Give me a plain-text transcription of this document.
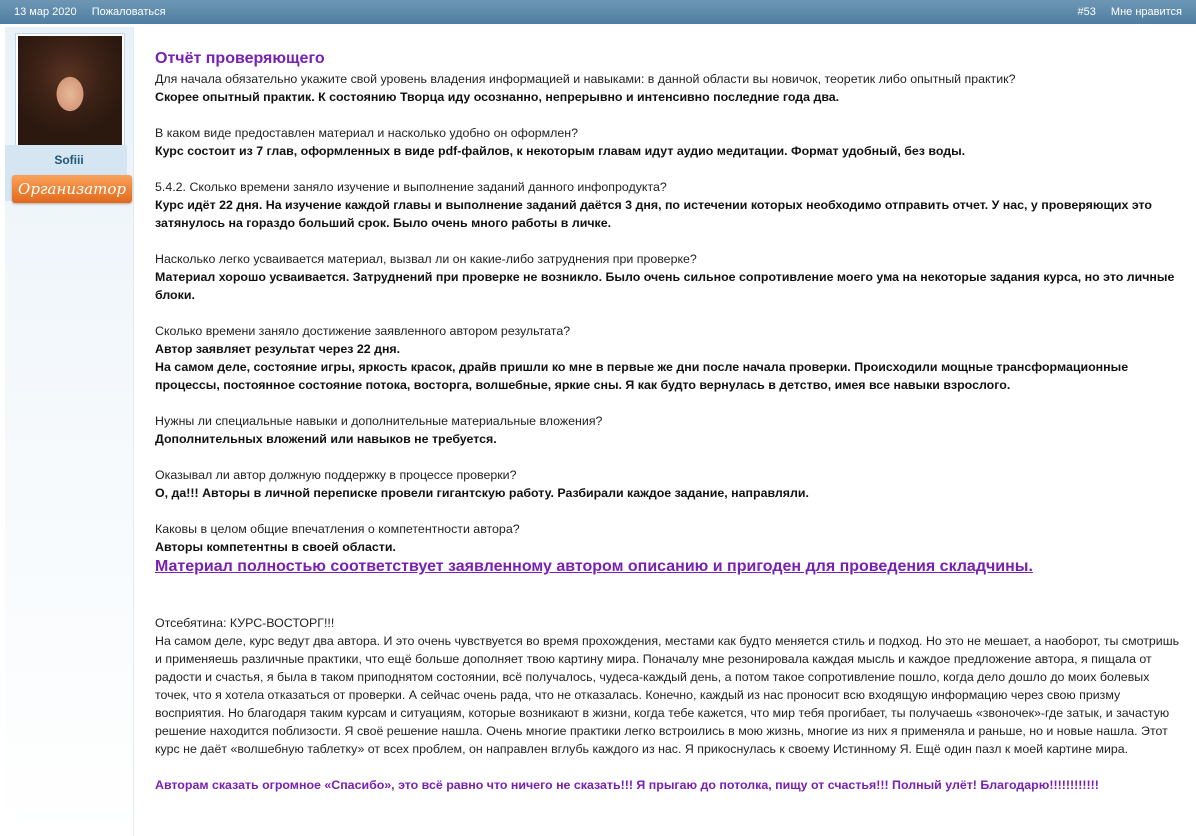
13 мар 2020 Пожаловаться	#53 Мне нравится
Sofiii
Организатор

Отчёт проверяющего

Для начала обязательно укажите свой уровень владения информацией и навыками: в данной области вы новичок, теоретик либо опытный практик?

Скорее опытный практик. К состоянию Творца иду осознанно, непрерывно и интенсивно последние года два.

В каком виде предоставлен материал и насколько удобно он оформлен?

Курс состоит из 7 глав, оформленных в виде pdf-файлов, к некоторым главам идут аудио медитации. Формат удобный, без воды.

5.4.2. Сколько времени заняло изучение и выполнение заданий данного инфопродукта?

Курс идёт 22 дня. На изучение каждой главы и выполнение заданий даётся 3 дня, по истечении которых необходимо отправить отчет. У нас, у проверяющих это затянулось на гораздо больший срок. Было очень много работы в личке.

Насколько легко усваивается материал, вызвал ли он какие-либо затруднения при проверке?

Материал хорошо усваивается. Затруднений при проверке не возникло. Было очень сильное сопротивление моего ума на некоторые задания курса, но это личные блоки.

Сколько времени заняло достижение заявленного автором результата?

Автор заявляет результат через 22 дня.

На самом деле, состояние игры, яркость красок, драйв пришли ко мне в первые же дни после начала проверки. Происходили мощные трансформационные процессы, постоянное состояние потока, восторга, волшебные, яркие сны. Я как будто вернулась в детство, имея все навыки взрослого.

Нужны ли специальные навыки и дополнительные материальные вложения?

Дополнительных вложений или навыков не требуется.

Оказывал ли автор должную поддержку в процессе проверки?

О, да!!! Авторы в личной переписке провели гигантскую работу. Разбирали каждое задание, направляли.

Каковы в целом общие впечатления о компетентности автора?

Авторы компетентны в своей области.

Материал полностью соответствует заявленному автором описанию и пригоден для проведения складчины.

Отсебятина: КУРС-ВОСТОРГ!!!

На самом деле, курс ведут два автора. И это очень чувствуется во время прохождения, местами как будто меняется стиль и подход. Но это не мешает, а наоборот, ты смотришь и применяешь различные практики, что ещё больше дополняет твою картину мира. Поначалу мне резонировала каждая мысль и каждое предложение автора, я пищала от радости и счастья, я была в таком приподнятом состоянии, всё получалось, чудеса-каждый день, а потом такое сопротивление пошло, когда дело дошло до моих болевых точек, что я хотела отказаться от проверки. А сейчас очень рада, что не отказалась. Конечно, каждый из нас проносит всю входящую информацию через свою призму восприятия. Но благодаря таким курсам и ситуациям, которые возникают в жизни, когда тебе кажется, что мир тебя прогибает, ты получаешь «звоночек»-где затык, и зачастую решение находится поблизости. Я своё решение нашла. Очень многие практики легко встроились в мою жизнь, многие из них я применяла и раньше, но и новые нашла. Этот курс не даёт «волшебную таблетку» от всех проблем, он направлен вглубь каждого из нас. Я прикоснулась к своему Истинному Я. Ещё один пазл к моей картине мира.

Авторам сказать огромное «Спасибо», это всё равно что ничего не сказать!!! Я прыгаю до потолка, пищу от счастья!!! Полный улёт! Благодарю!!!!!!!!!!!!
